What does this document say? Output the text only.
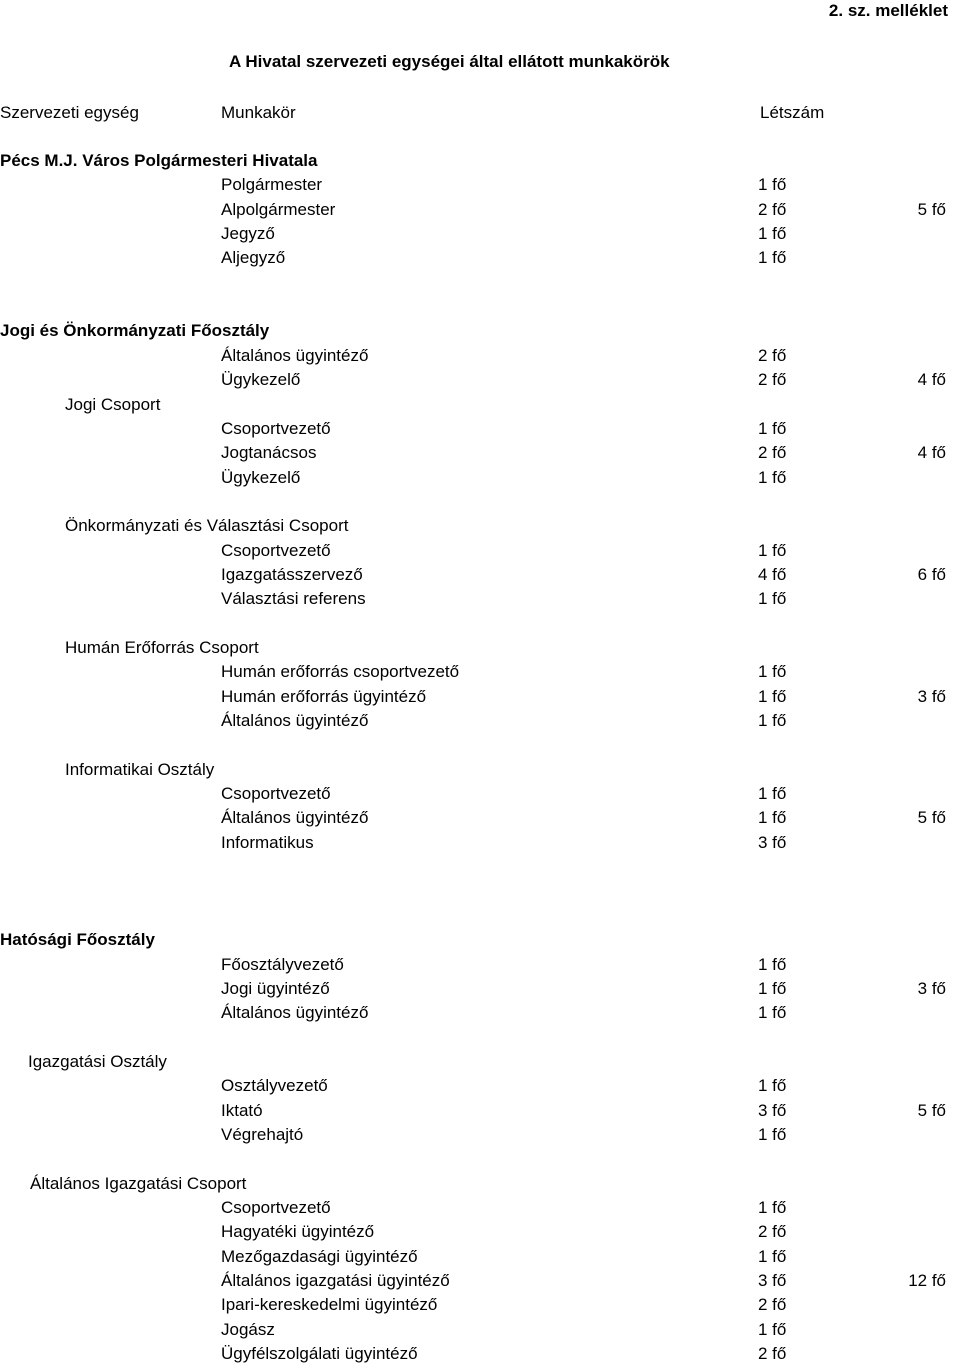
2. sz. melléklet
A Hivatal szervezeti egységei által ellátott munkakörök
Szervezeti egység	Munkakör	Létszám
Pécs M.J. Város Polgármesteri Hivatala
Polgármester	1 fő
Alpolgármester	2 fő	5 fő
Jegyző	1 fő
Aljegyző	1 fő
Jogi és Önkormányzati Főosztály
Általános ügyintéző	2 fő
Ügykezelő	2 fő	4 fő
Jogi Csoport
Csoportvezető	1 fő
Jogtanácsos	2 fő	4 fő
Ügykezelő	1 fő
Önkormányzati és Választási Csoport
Csoportvezető	1 fő
Igazgatásszervező	4 fő	6 fő
Választási referens	1 fő
Humán Erőforrás Csoport
Humán erőforrás csoportvezető	1 fő
Humán erőforrás ügyintéző	1 fő	3 fő
Általános ügyintéző	1 fő
Informatikai Osztály
Csoportvezető	1 fő
Általános ügyintéző	1 fő	5 fő
Informatikus	3 fő
Hatósági Főosztály
Főosztályvezető	1 fő
Jogi ügyintéző	1 fő	3 fő
Általános ügyintéző	1 fő
Igazgatási Osztály
Osztályvezető	1 fő
Iktató	3 fő	5 fő
Végrehajtó	1 fő
Általános Igazgatási Csoport
Csoportvezető	1 fő
Hagyatéki ügyintéző	2 fő
Mezőgazdasági ügyintéző	1 fő
Általános igazgatási ügyintéző	3 fő	12 fő
Ipari-kereskedelmi ügyintéző	2 fő
Jogász	1 fő
Ügyfélszolgálati ügyintéző	2 fő
